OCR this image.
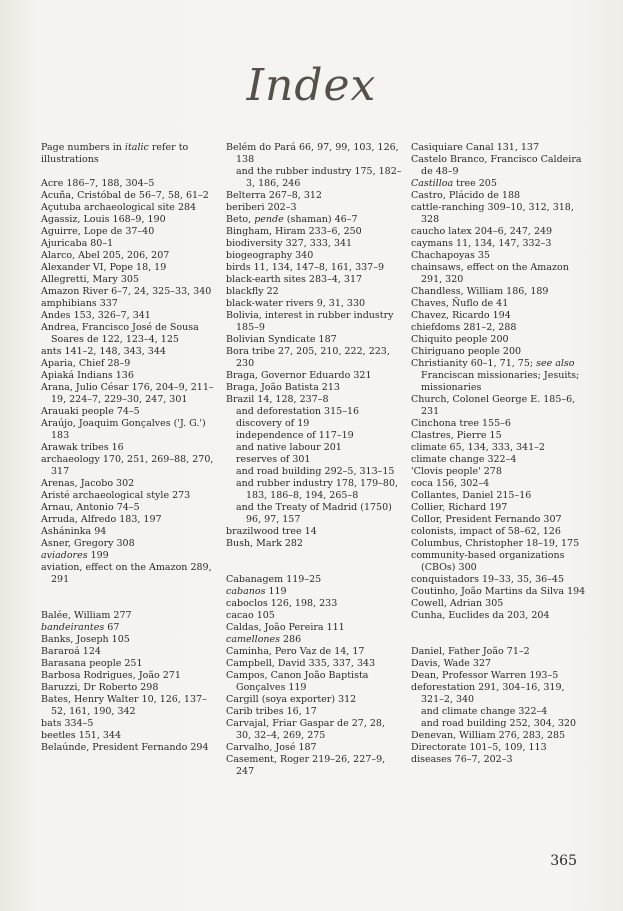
Index

Page numbers in italic refer to illustrations

Acre 186–7, 188, 304–5

Acuña, Cristóbal de 56–7, 58, 61–2

Açutuba archaeological site 284

Agassiz, Louis 168–9, 190

Aguirre, Lope de 37–40

Ajuricaba 80–1

Alarco, Abel 205, 206, 207

Alexander VI, Pope 18, 19

Allegretti, Mary 305

Amazon River 6–7, 24, 325–33, 340

amphibians 337

Andes 153, 326–7, 341

Andrea, Francisco José de Sousa Soares de 122, 123–4, 125

ants 141–2, 148, 343, 344

Aparia, Chief 28–9

Apiaká Indians 136

Arana, Julio César 176, 204–9, 211–19, 224–7, 229–30, 247, 301

Arauaki people 74–5

Araújo, Joaquim Gonçalves ('J. G.') 183

Arawak tribes 16

archaeology 170, 251, 269–88, 270, 317

Arenas, Jacobo 302

Aristé archaeological style 273

Arnau, Antonio 74–5

Arruda, Alfredo 183, 197

Asháninka 94

Asner, Gregory 308

aviadores 199

aviation, effect on the Amazon 289, 291

Balée, William 277

bandeirantes 67

Banks, Joseph 105

Bararoá 124

Barasana people 251

Barbosa Rodrigues, João 271

Baruzzi, Dr Roberto 298

Bates, Henry Walter 10, 126, 137–52, 161, 190, 342

bats 334–5

beetles 151, 344

Belaúnde, President Fernando 294

Belém do Pará 66, 97, 99, 103, 126, 138

and the rubber industry 175, 182–3, 186, 246

Belterra 267–8, 312

beriberi 202–3

Beto, pende (shaman) 46–7

Bingham, Hiram 233–6, 250

biodiversity 327, 333, 341

biogeography 340

birds 11, 134, 147–8, 161, 337–9

black-earth sites 283–4, 317

blackfly 22

black-water rivers 9, 31, 330

Bolivia, interest in rubber industry 185–9

Bolivian Syndicate 187

Bora tribe 27, 205, 210, 222, 223, 230

Braga, Governor Eduardo 321

Braga, João Batista 213

Brazil 14, 128, 237–8

and deforestation 315–16

discovery of 19

independence of 117–19

and native labour 201

reserves of 301

and road building 292–5, 313–15

and rubber industry 178, 179–80, 183, 186–8, 194, 265–8

and the Treaty of Madrid (1750) 96, 97, 157

brazilwood tree 14

Bush, Mark 282

Cabanagem 119–25

cabanos 119

caboclos 126, 198, 233

cacao 105

Caldas, João Pereira 111

camellones 286

Caminha, Pero Vaz de 14, 17

Campbell, David 335, 337, 343

Campos, Canon João Baptista Gonçalves 119

Cargill (soya exporter) 312

Carib tribes 16, 17

Carvajal, Friar Gaspar de 27, 28, 30, 32–4, 269, 275

Carvalho, José 187

Casement, Roger 219–26, 227–9, 247

Casiquiare Canal 131, 137

Castelo Branco, Francisco Caldeira de 48–9

Castilloa tree 205

Castro, Plácido de 188

cattle-ranching 309–10, 312, 318, 328

caucho latex 204–6, 247, 249

caymans 11, 134, 147, 332–3

Chachapoyas 35

chainsaws, effect on the Amazon 291, 320

Chandless, William 186, 189

Chaves, Ñuflo de 41

Chavez, Ricardo 194

chiefdoms 281–2, 288

Chiquito people 200

Chiriguano people 200

Christianity 60–1, 71, 75; see also Franciscan missionaries; Jesuits; missionaries

Church, Colonel George E. 185–6, 231

Cinchona tree 155–6

Clastres, Pierre 15

climate 65, 134, 333, 341–2

climate change 322–4

'Clovis people' 278

coca 156, 302–4

Collantes, Daniel 215–16

Collier, Richard 197

Collor, President Fernando 307

colonists, impact of 58–62, 126

Columbus, Christopher 18–19, 175

community-based organizations (CBOs) 300

conquistadors 19–33, 35, 36–45

Coutinho, João Martins da Silva 194

Cowell, Adrian 305

Cunha, Euclides da 203, 204

Daniel, Father João 71–2

Davis, Wade 327

Dean, Professor Warren 193–5

deforestation 291, 304–16, 319, 321–2, 340

and climate change 322–4

and road building 252, 304, 320

Denevan, William 276, 283, 285

Directorate 101–5, 109, 113

diseases 76–7, 202–3

365
